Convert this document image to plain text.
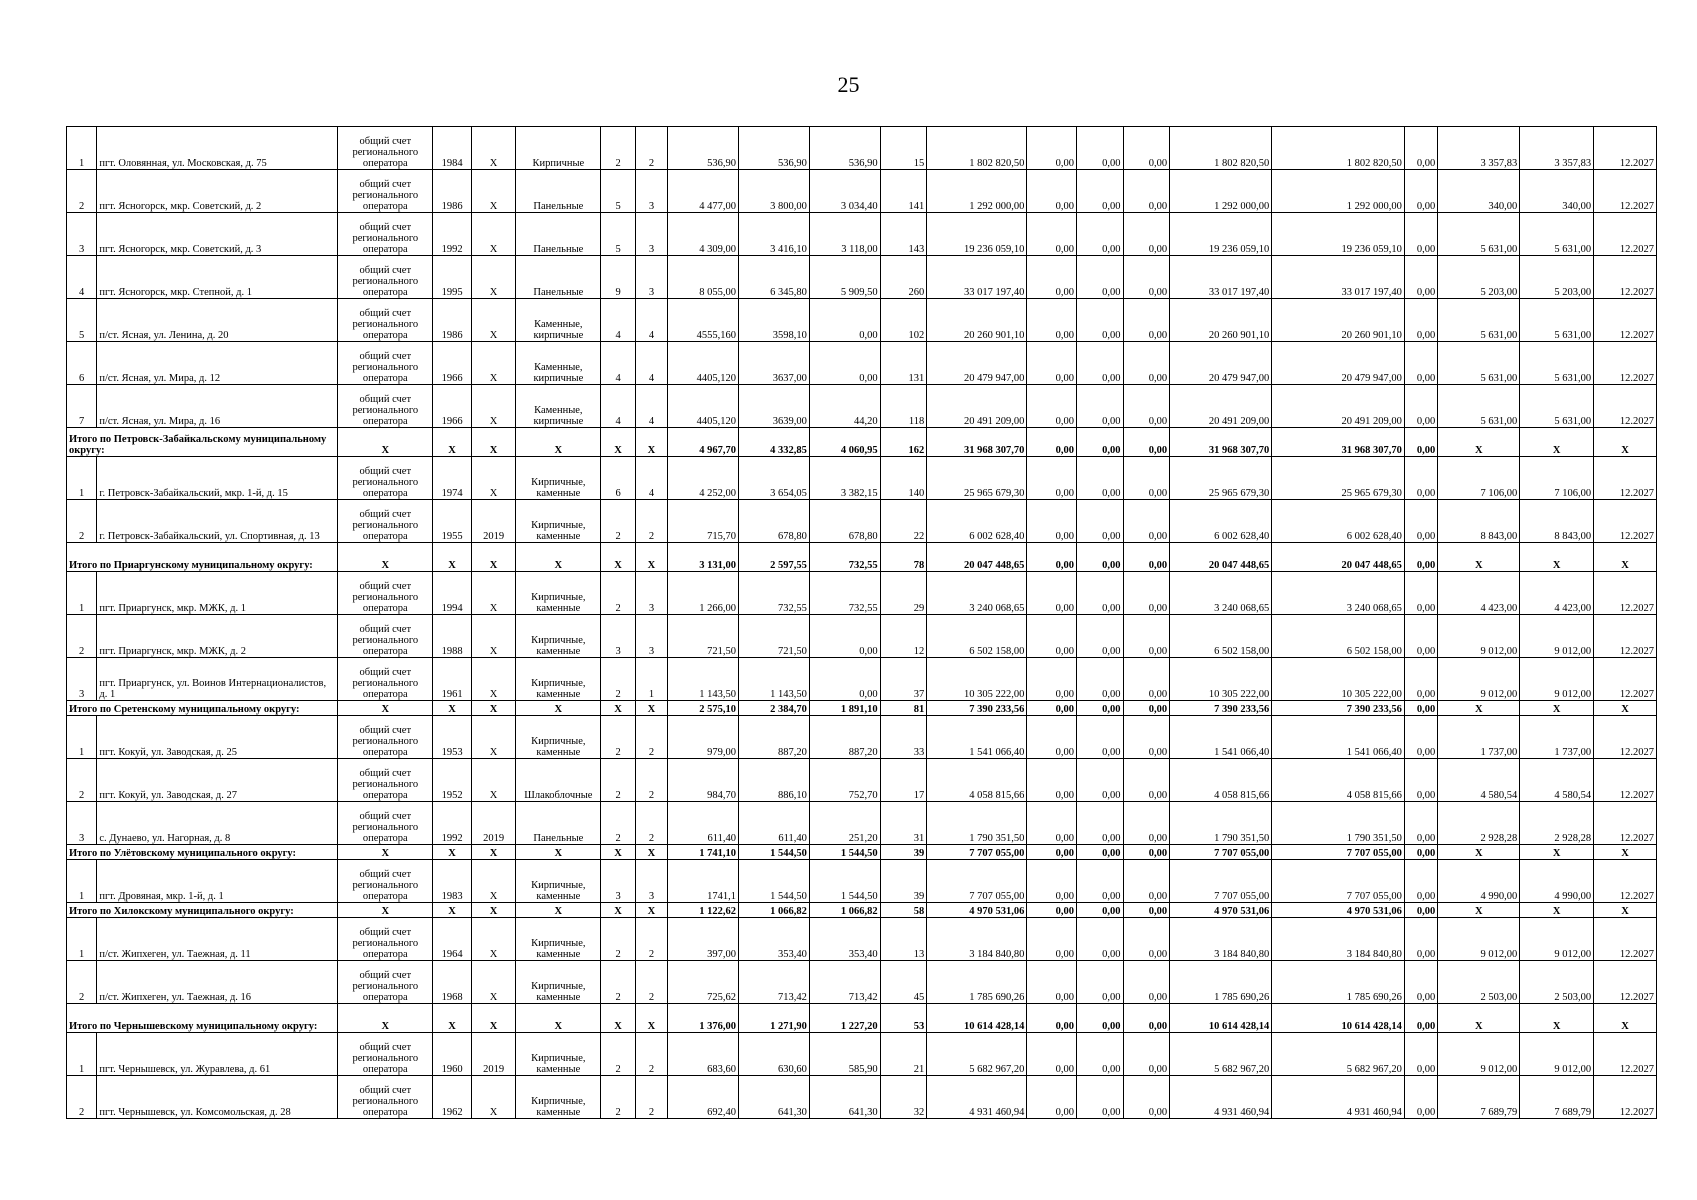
25
1	пгт. Оловянная, ул. Московская, д. 75	общий счет регионального оператора	1984	X	Кирпичные	2	2	536,90	536,90	536,90	15	1 802 820,50	0,00	0,00	0,00	1 802 820,50	1 802 820,50	0,00	3 357,83	3 357,83	12.2027
2	пгт. Ясногорск, мкр. Советский, д. 2	общий счет регионального оператора	1986	X	Панельные	5	3	4 477,00	3 800,00	3 034,40	141	1 292 000,00	0,00	0,00	0,00	1 292 000,00	1 292 000,00	0,00	340,00	340,00	12.2027
3	пгт. Ясногорск, мкр. Советский, д. 3	общий счет регионального оператора	1992	X	Панельные	5	3	4 309,00	3 416,10	3 118,00	143	19 236 059,10	0,00	0,00	0,00	19 236 059,10	19 236 059,10	0,00	5 631,00	5 631,00	12.2027
4	пгт. Ясногорск, мкр. Степной, д. 1	общий счет регионального оператора	1995	X	Панельные	9	3	8 055,00	6 345,80	5 909,50	260	33 017 197,40	0,00	0,00	0,00	33 017 197,40	33 017 197,40	0,00	5 203,00	5 203,00	12.2027
5	п/ст. Ясная, ул. Ленина, д. 20	общий счет регионального оператора	1986	X	Каменные, кирпичные	4	4	4555,160	3598,10	0,00	102	20 260 901,10	0,00	0,00	0,00	20 260 901,10	20 260 901,10	0,00	5 631,00	5 631,00	12.2027
6	п/ст. Ясная, ул. Мира, д. 12	общий счет регионального оператора	1966	X	Каменные, кирпичные	4	4	4405,120	3637,00	0,00	131	20 479 947,00	0,00	0,00	0,00	20 479 947,00	20 479 947,00	0,00	5 631,00	5 631,00	12.2027
7	п/ст. Ясная, ул. Мира, д. 16	общий счет регионального оператора	1966	X	Каменные, кирпичные	4	4	4405,120	3639,00	44,20	118	20 491 209,00	0,00	0,00	0,00	20 491 209,00	20 491 209,00	0,00	5 631,00	5 631,00	12.2027
Итого по Петровск-Забайкальскому муниципальному округу:		X	X	X	X	X	X	4 967,70	4 332,85	4 060,95	162	31 968 307,70	0,00	0,00	0,00	31 968 307,70	31 968 307,70	0,00	X	X	X
1	г. Петровск-Забайкальский, мкр. 1-й, д. 15	общий счет регионального оператора	1974	X	Кирпичные, каменные	6	4	4 252,00	3 654,05	3 382,15	140	25 965 679,30	0,00	0,00	0,00	25 965 679,30	25 965 679,30	0,00	7 106,00	7 106,00	12.2027
2	г. Петровск-Забайкальский, ул. Спортивная, д. 13	общий счет регионального оператора	1955	2019	Кирпичные, каменные	2	2	715,70	678,80	678,80	22	6 002 628,40	0,00	0,00	0,00	6 002 628,40	6 002 628,40	0,00	8 843,00	8 843,00	12.2027
Итого по Приаргунскому муниципальному округу:		X	X	X	X	X	X	3 131,00	2 597,55	732,55	78	20 047 448,65	0,00	0,00	0,00	20 047 448,65	20 047 448,65	0,00	X	X	X
1	пгт. Приаргунск, мкр. МЖК, д. 1	общий счет регионального оператора	1994	X	Кирпичные, каменные	2	3	1 266,00	732,55	732,55	29	3 240 068,65	0,00	0,00	0,00	3 240 068,65	3 240 068,65	0,00	4 423,00	4 423,00	12.2027
2	пгт. Приаргунск, мкр. МЖК, д. 2	общий счет регионального оператора	1988	X	Кирпичные, каменные	3	3	721,50	721,50	0,00	12	6 502 158,00	0,00	0,00	0,00	6 502 158,00	6 502 158,00	0,00	9 012,00	9 012,00	12.2027
3	пгт. Приаргунск, ул. Воинов Интернационалистов, д. 1	общий счет регионального оператора	1961	X	Кирпичные, каменные	2	1	1 143,50	1 143,50	0,00	37	10 305 222,00	0,00	0,00	0,00	10 305 222,00	10 305 222,00	0,00	9 012,00	9 012,00	12.2027
Итого по Сретенскому муниципальному округу:		X	X	X	X	X	X	2 575,10	2 384,70	1 891,10	81	7 390 233,56	0,00	0,00	0,00	7 390 233,56	7 390 233,56	0,00	X	X	X
1	пгт. Кокуй, ул. Заводская, д. 25	общий счет регионального оператора	1953	X	Кирпичные, каменные	2	2	979,00	887,20	887,20	33	1 541 066,40	0,00	0,00	0,00	1 541 066,40	1 541 066,40	0,00	1 737,00	1 737,00	12.2027
2	пгт. Кокуй, ул. Заводская, д. 27	общий счет регионального оператора	1952	X	Шлакоблочные	2	2	984,70	886,10	752,70	17	4 058 815,66	0,00	0,00	0,00	4 058 815,66	4 058 815,66	0,00	4 580,54	4 580,54	12.2027
3	с. Дунаево, ул. Нагорная, д. 8	общий счет регионального оператора	1992	2019	Панельные	2	2	611,40	611,40	251,20	31	1 790 351,50	0,00	0,00	0,00	1 790 351,50	1 790 351,50	0,00	2 928,28	2 928,28	12.2027
Итого по Улётовскому муниципального округу:		X	X	X	X	X	X	1 741,10	1 544,50	1 544,50	39	7 707 055,00	0,00	0,00	0,00	7 707 055,00	7 707 055,00	0,00	X	X	X
1	пгт. Дровяная, мкр. 1-й, д. 1	общий счет регионального оператора	1983	X	Кирпичные, каменные	3	3	1741,1	1 544,50	1 544,50	39	7 707 055,00	0,00	0,00	0,00	7 707 055,00	7 707 055,00	0,00	4 990,00	4 990,00	12.2027
Итого по Хилокскому муниципального округу:		X	X	X	X	X	X	1 122,62	1 066,82	1 066,82	58	4 970 531,06	0,00	0,00	0,00	4 970 531,06	4 970 531,06	0,00	X	X	X
1	п/ст. Жипхеген, ул. Таежная, д. 11	общий счет регионального оператора	1964	X	Кирпичные, каменные	2	2	397,00	353,40	353,40	13	3 184 840,80	0,00	0,00	0,00	3 184 840,80	3 184 840,80	0,00	9 012,00	9 012,00	12.2027
2	п/ст. Жипхеген, ул. Таежная, д. 16	общий счет регионального оператора	1968	X	Кирпичные, каменные	2	2	725,62	713,42	713,42	45	1 785 690,26	0,00	0,00	0,00	1 785 690,26	1 785 690,26	0,00	2 503,00	2 503,00	12.2027
Итого по Чернышевскому муниципальному округу:		X	X	X	X	X	X	1 376,00	1 271,90	1 227,20	53	10 614 428,14	0,00	0,00	0,00	10 614 428,14	10 614 428,14	0,00	X	X	X
1	пгт. Чернышевск, ул. Журавлева, д. 61	общий счет регионального оператора	1960	2019	Кирпичные, каменные	2	2	683,60	630,60	585,90	21	5 682 967,20	0,00	0,00	0,00	5 682 967,20	5 682 967,20	0,00	9 012,00	9 012,00	12.2027
2	пгт. Чернышевск, ул. Комсомольская, д. 28	общий счет регионального оператора	1962	X	Кирпичные, каменные	2	2	692,40	641,30	641,30	32	4 931 460,94	0,00	0,00	0,00	4 931 460,94	4 931 460,94	0,00	7 689,79	7 689,79	12.2027
